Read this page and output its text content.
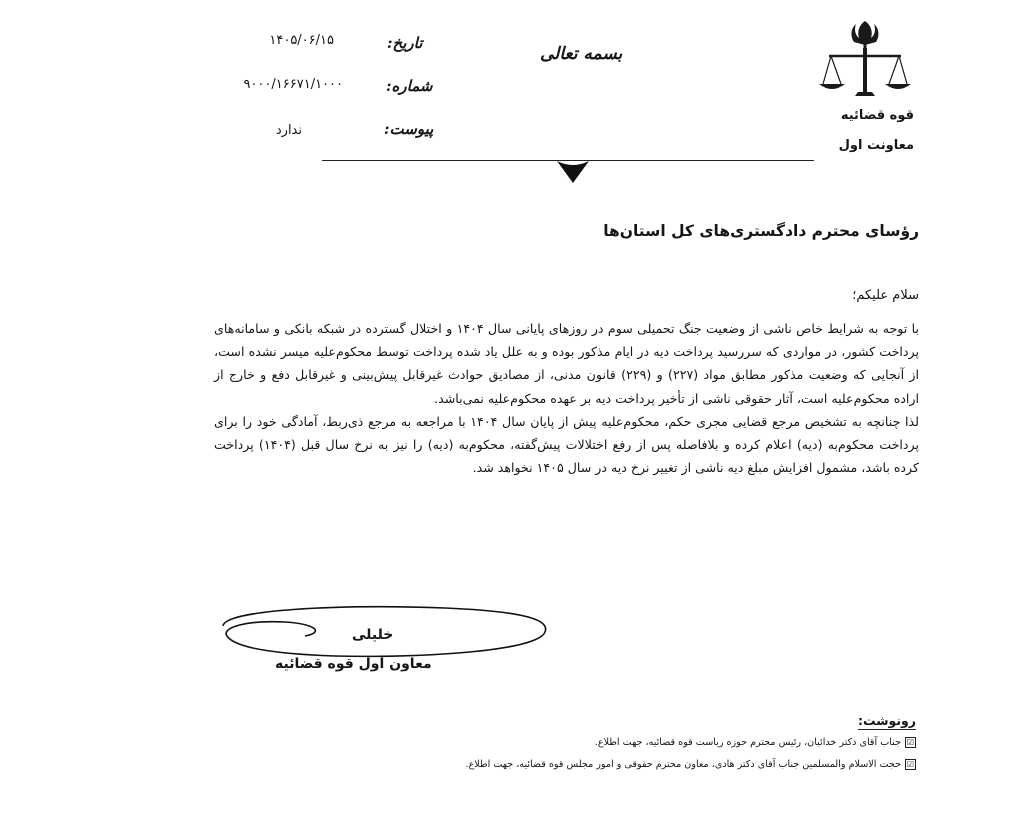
قوه قضائیه
معاونت اول
بسمه تعالی
تاریخ:
۱۴۰۵/۰۶/۱۵
شماره:
۹۰۰۰/۱۶۶۷۱/۱۰۰۰
پیوست:
ندارد
رؤسای محترم دادگستری‌های کل استان‌ها
سلام علیکم؛

با توجه به شرایط خاص ناشی از وضعیت جنگ تحمیلی سوم در روزهای پایانی سال ۱۴۰۴ و اختلال گسترده در شبکه بانکی و سامانه‌های پرداخت کشور، در مواردی که سررسید پرداخت دیه در ایام مذکور بوده و به علل یاد شده پرداخت توسط محکوم‌علیه میسر نشده است، از آنجایی که وضعیت مذکور مطابق مواد (۲۲۷) و (۲۲۹) قانون مدنی، از مصادیق حوادث غیرقابل پیش‌بینی و غیرقابل دفع و خارج از اراده محکوم‌علیه است، آثار حقوقی ناشی از تأخیر پرداخت دیه بر عهده محکوم‌علیه نمی‌باشد.

لذا چنانچه به تشخیص مرجع قضایی مجری حکم، محکوم‌علیه پیش از پایان سال ۱۴۰۴ با مراجعه به مرجع ذی‌ربط، آمادگی خود را برای پرداخت محکوم‌به (دیه) اعلام کرده و بلافاصله پس از رفع اختلالات پیش‌گفته، محکوم‌به (دیه) را نیز به نرخ سال قبل (۱۴۰۴) پرداخت کرده باشد، مشمول افزایش مبلغ دیه ناشی از تغییر نرخ دیه در سال ۱۴۰۵ نخواهد شد.

خلیلی
معاون اول قوه قضائیه
رونوشت:
☑
جناب آقای دکتر خدائیان، رئیس محترم حوزه ریاست قوه قضائیه، جهت اطلاع.
☑
حجت الاسلام والمسلمین جناب آقای دکتر هادی، معاون محترم حقوقی و امور مجلس قوه قضائیه، جهت اطلاع.
